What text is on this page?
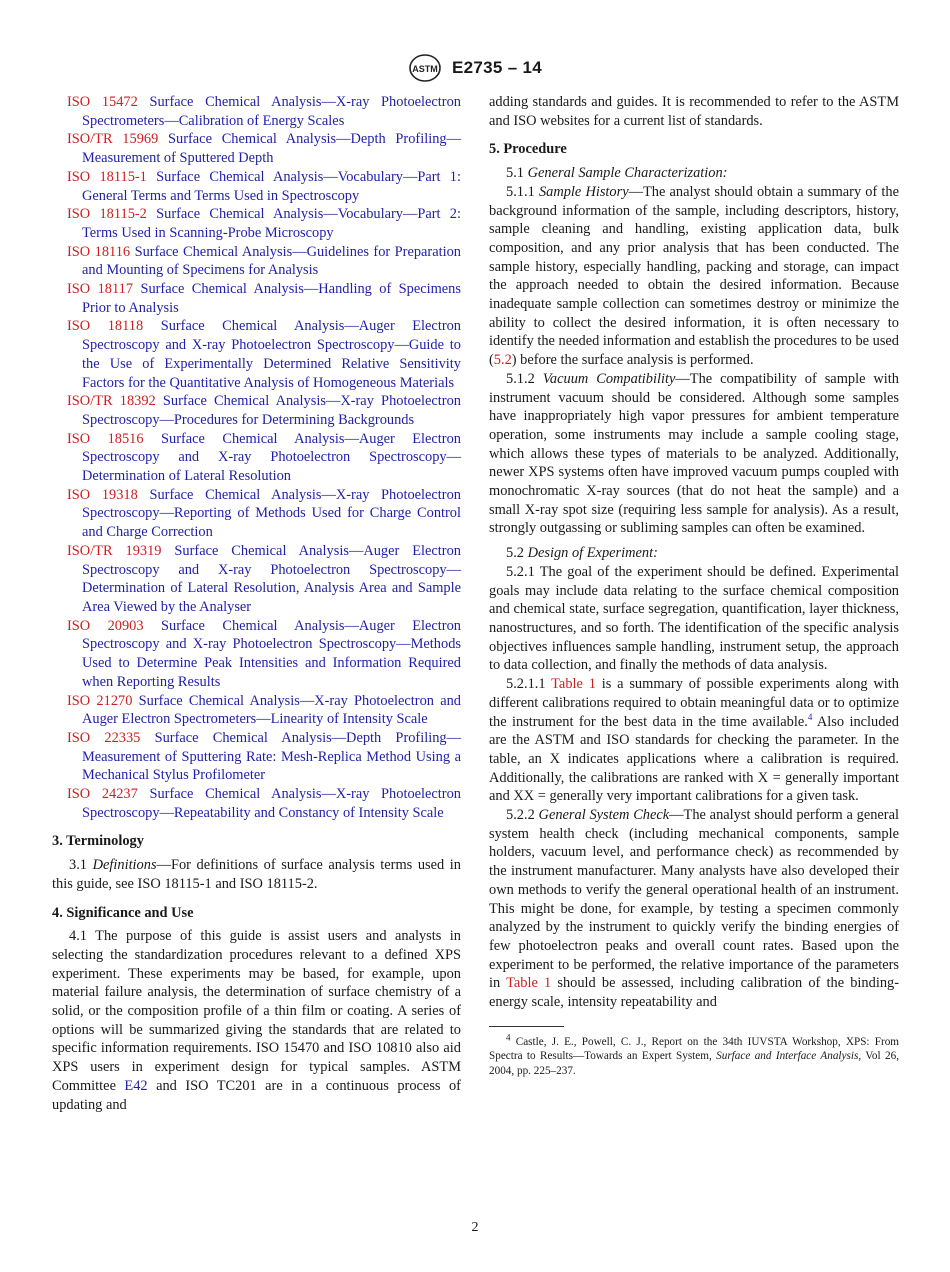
ASTM E2735 – 14

ISO 15472 Surface Chemical Analysis—X-ray Photoelectron Spectrometers—Calibration of Energy Scales

ISO/TR 15969 Surface Chemical Analysis—Depth Profiling—Measurement of Sputtered Depth

ISO 18115-1 Surface Chemical Analysis—Vocabulary—Part 1: General Terms and Terms Used in Spectroscopy

ISO 18115-2 Surface Chemical Analysis—Vocabulary—Part 2: Terms Used in Scanning-Probe Microscopy

ISO 18116 Surface Chemical Analysis—Guidelines for Preparation and Mounting of Specimens for Analysis

ISO 18117 Surface Chemical Analysis—Handling of Specimens Prior to Analysis

ISO 18118 Surface Chemical Analysis—Auger Electron Spectroscopy and X-ray Photoelectron Spectroscopy—Guide to the Use of Experimentally Determined Relative Sensitivity Factors for the Quantitative Analysis of Homogeneous Materials

ISO/TR 18392 Surface Chemical Analysis—X-ray Photoelectron Spectroscopy—Procedures for Determining Backgrounds

ISO 18516 Surface Chemical Analysis—Auger Electron Spectroscopy and X-ray Photoelectron Spectroscopy—Determination of Lateral Resolution

ISO 19318 Surface Chemical Analysis—X-ray Photoelectron Spectroscopy—Reporting of Methods Used for Charge Control and Charge Correction

ISO/TR 19319 Surface Chemical Analysis—Auger Electron Spectroscopy and X-ray Photoelectron Spectroscopy—Determination of Lateral Resolution, Analysis Area and Sample Area Viewed by the Analyser

ISO 20903 Surface Chemical Analysis—Auger Electron Spectroscopy and X-ray Photoelectron Spectroscopy—Methods Used to Determine Peak Intensities and Information Required when Reporting Results

ISO 21270 Surface Chemical Analysis—X-ray Photoelectron and Auger Electron Spectrometers—Linearity of Intensity Scale

ISO 22335 Surface Chemical Analysis—Depth Profiling—Measurement of Sputtering Rate: Mesh-Replica Method Using a Mechanical Stylus Profilometer

ISO 24237 Surface Chemical Analysis—X-ray Photoelectron Spectroscopy—Repeatability and Constancy of Intensity Scale

3. Terminology

3.1 Definitions—For definitions of surface analysis terms used in this guide, see ISO 18115-1 and ISO 18115-2.

4. Significance and Use

4.1 The purpose of this guide is assist users and analysts in selecting the standardization procedures relevant to a defined XPS experiment. These experiments may be based, for example, upon material failure analysis, the determination of surface chemistry of a solid, or the composition profile of a thin film or coating. A series of options will be summarized giving the standards that are related to specific information requirements. ISO 15470 and ISO 10810 also aid XPS users in experiment design for typical samples. ASTM Committee E42 and ISO TC201 are in a continuous process of updating and

adding standards and guides. It is recommended to refer to the ASTM and ISO websites for a current list of standards.

5. Procedure

5.1 General Sample Characterization:

5.1.1 Sample History—The analyst should obtain a summary of the background information of the sample, including descriptors, history, sample cleaning and handling, existing application data, bulk composition, and any prior analysis that has been conducted. The sample history, especially handling, packing and storage, can impact the approach needed to obtain the desired information. Because inadequate sample collection can sometimes destroy or minimize the ability to collect the desired information, it is often necessary to identify the needed information and establish the procedures to be used (5.2) before the surface analysis is performed.

5.1.2 Vacuum Compatibility—The compatibility of sample with instrument vacuum should be considered. Although some samples have inappropriately high vapor pressures for ambient temperature operation, some instruments may include a sample cooling stage, which allows these types of materials to be analyzed. Additionally, newer XPS systems often have improved vacuum pumps coupled with monochromatic X-ray sources (that do not heat the sample) and a small X-ray spot size (requiring less sample for analysis). As a result, strongly outgassing or subliming samples can often be examined.

5.2 Design of Experiment:

5.2.1 The goal of the experiment should be defined. Experimental goals may include data relating to the surface chemical composition and chemical state, surface segregation, quantification, layer thickness, nanostructures, and so forth. The identification of the specific analysis objectives influences sample handling, instrument setup, the approach to data collection, and finally the methods of data analysis.

5.2.1.1 Table 1 is a summary of possible experiments along with different calibrations required to obtain meaningful data or to optimize the instrument for the best data in the time available.$^4$ Also included are the ASTM and ISO standards for checking the parameter. In the table, an X indicates applications where a calibration is required. Additionally, the calibrations are ranked with X = generally important and XX = generally very important calibrations for a given task.

5.2.2 General System Check—The analyst should perform a general system health check (including mechanical components, sample holders, vacuum level, and performance check) as recommended by the instrument manufacturer. Many analysts have also developed their own methods to verify the general operational health of an instrument. This might be done, for example, by testing a specimen commonly analyzed by the instrument to quickly verify the binding energies of few photoelectron peaks and overall count rates. Based upon the experiment to be performed, the relative importance of the parameters in Table 1 should be assessed, including calibration of the binding-energy scale, intensity repeatability and

$^4$ Castle, J. E., Powell, C. J., Report on the 34th IUVSTA Workshop, XPS: From Spectra to Results—Towards an Expert System, Surface and Interface Analysis, Vol 26, 2004, pp. 225–237.

2
